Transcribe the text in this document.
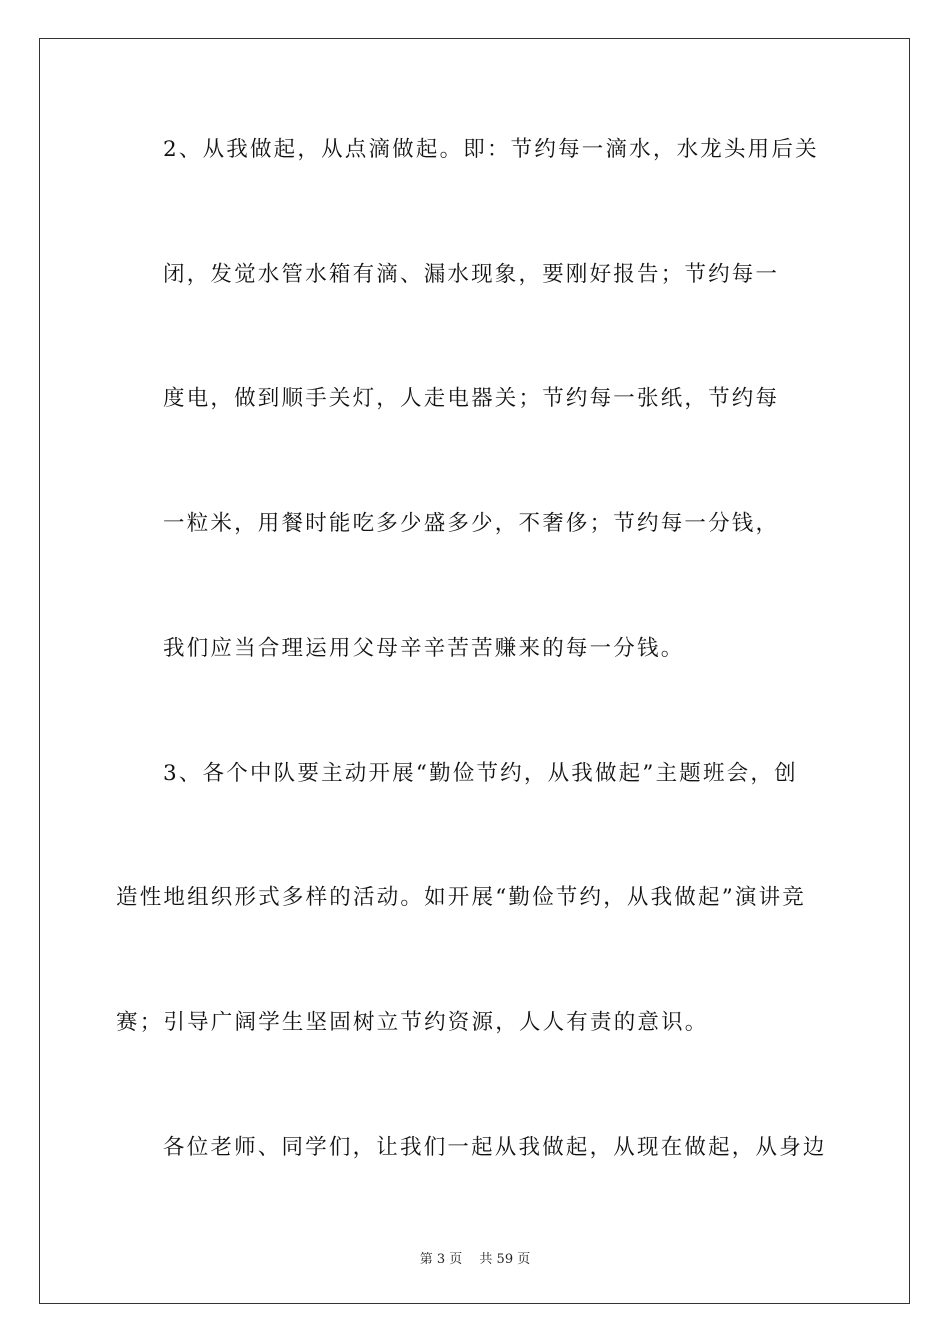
2、从我做起，从点滴做起。即：节约每一滴水，水龙头用后关
闭，发觉水管水箱有滴、漏水现象，要刚好报告；节约每一
度电，做到顺手关灯，人走电器关；节约每一张纸，节约每
一粒米，用餐时能吃多少盛多少，不奢侈；节约每一分钱，
我们应当合理运用父母辛辛苦苦赚来的每一分钱。
3、各个中队要主动开展“勤俭节约，从我做起”主题班会，创
造性地组织形式多样的活动。如开展“勤俭节约，从我做起”演讲竞
赛；引导广阔学生坚固树立节约资源，人人有责的意识。
各位老师、同学们，让我们一起从我做起，从现在做起，从身边
第 3 页　 共 59 页
